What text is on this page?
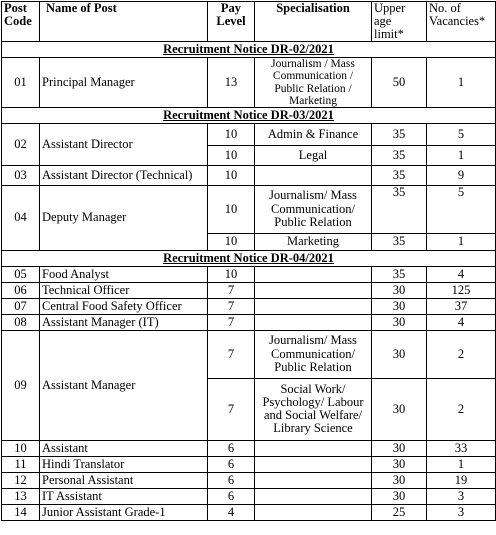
Post Code	Name of Post	Pay Level	Specialisation	Upper age limit*	No. of Vacancies*
Recruitment Notice DR-02/2021					
01	Principal Manager	13	Journalism / Mass Communication / Public Relation / Marketing	50	1
Recruitment Notice DR-03/2021					
02	Assistant Director	10	Admin & Finance	35	5
		10	Legal	35	1
03	Assistant Director (Technical)	10		35	9
04	Deputy Manager	10	Journalism/ Mass Communication/ Public Relation	35	5
		10	Marketing	35	1
Recruitment Notice DR-04/2021					
05	Food Analyst	10		35	4
06	Technical Officer	7		30	125
07	Central Food Safety Officer	7		30	37
08	Assistant Manager (IT)	7		30	4
09	Assistant Manager	7	Journalism/ Mass Communication/ Public Relation	30	2
		7	Social Work/ Psychology/ Labour and Social Welfare/ Library Science	30	2
10	Assistant	6		30	33
11	Hindi Translator	6		30	1
12	Personal Assistant	6		30	19
13	IT Assistant	6		30	3
14	Junior Assistant Grade-1	4		25	3
